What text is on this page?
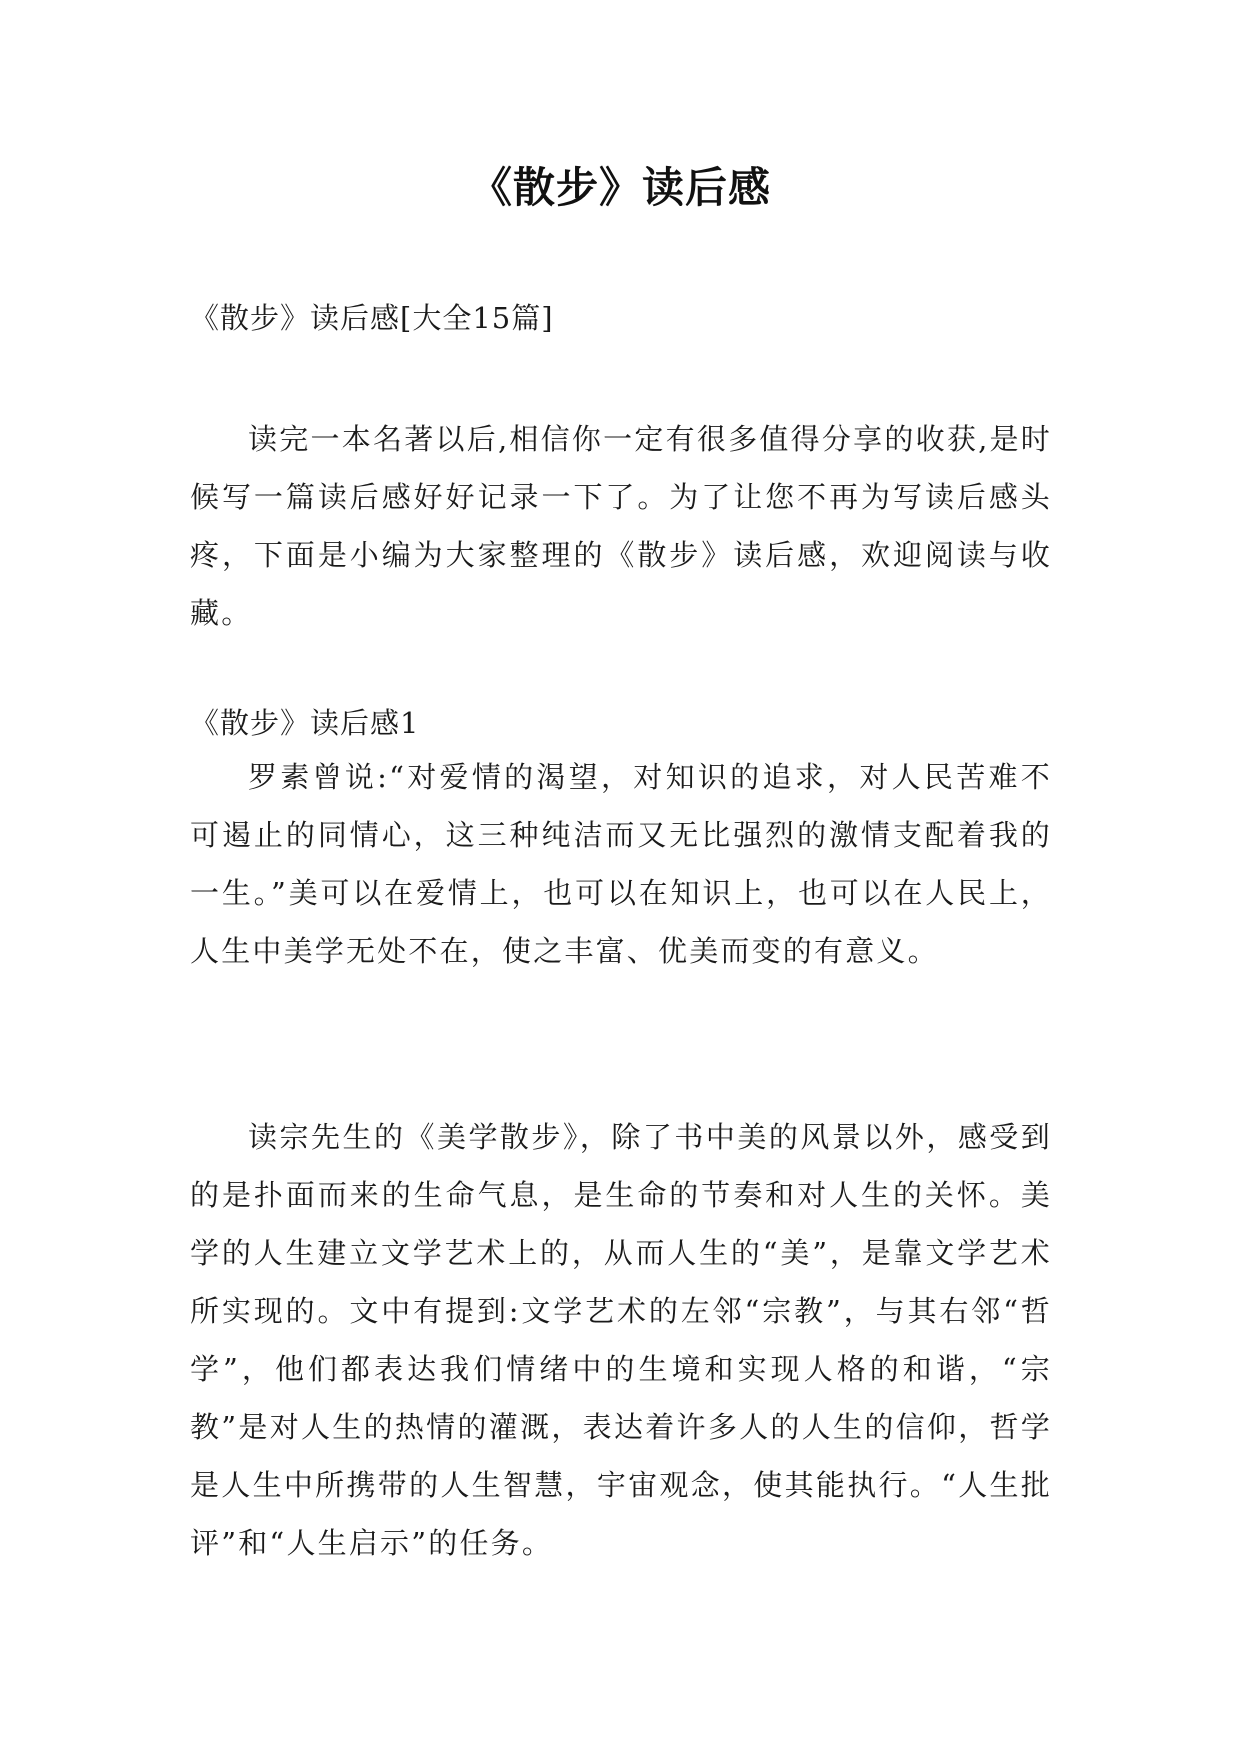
《散步》读后感
《散步》读后感[大全15篇]

读完一本名著以后,相信你一定有很多值得分享的收获,是时候写一篇读后感好好记录一下了。为了让您不再为写读后感头疼，下面是小编为大家整理的《散步》读后感，欢迎阅读与收藏。

《散步》读后感1

罗素曾说:“对爱情的渴望，对知识的追求，对人民苦难不可遏止的同情心，这三种纯洁而又无比强烈的激情支配着我的一生。”美可以在爱情上，也可以在知识上，也可以在人民上，人生中美学无处不在，使之丰富、优美而变的有意义。

读宗先生的《美学散步》，除了书中美的风景以外，感受到的是扑面而来的生命气息，是生命的节奏和对人生的关怀。美学的人生建立文学艺术上的，从而人生的“美”，是靠文学艺术所实现的。文中有提到:文学艺术的左邻“宗教”，与其右邻“哲学”，他们都表达我们情绪中的生境和实现人格的和谐，“宗教”是对人生的热情的灌溉，表达着许多人的人生的信仰，哲学是人生中所携带的人生智慧，宇宙观念，使其能执行。“人生批评”和“人生启示”的任务。
